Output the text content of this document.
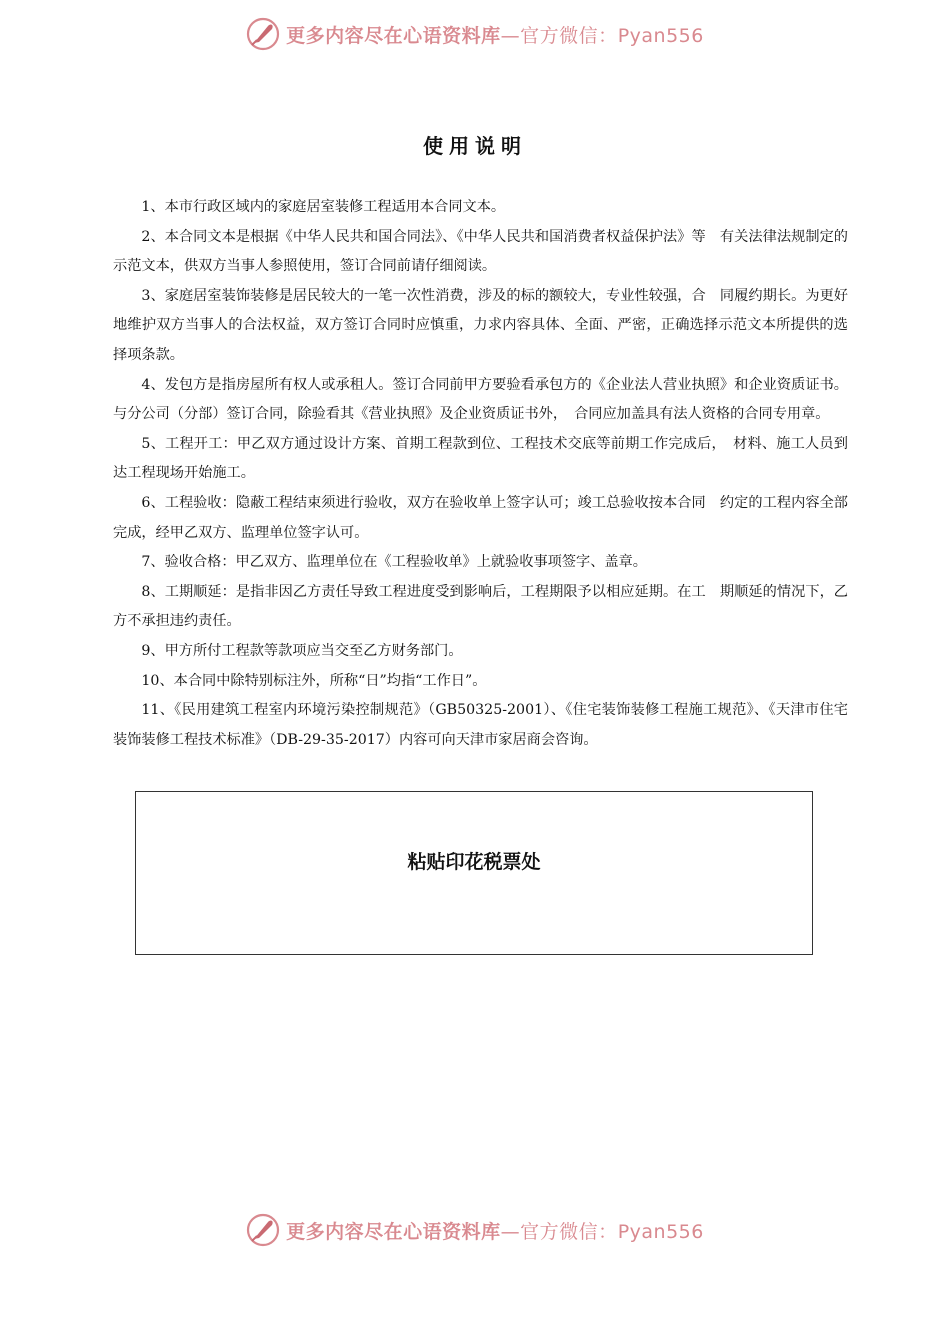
更多内容尽在心语资料库—官方微信：Pyan556
使用说明

1、本市行政区域内的家庭居室装修工程适用本合同文本。

2、本合同文本是根据《中华人民共和国合同法》、《中华人民共和国消费者权益保护法》等　有关法律法规制定的示范文本，供双方当事人参照使用，签订合同前请仔细阅读。

3、家庭居室装饰装修是居民较大的一笔一次性消费，涉及的标的额较大，专业性较强，合　同履约期长。为更好地维护双方当事人的合法权益，双方签订合同时应慎重，力求内容具体、全面、严密，正确选择示范文本所提供的选择项条款。

4、发包方是指房屋所有权人或承租人。签订合同前甲方要验看承包方的《企业法人营业执照》和企业资质证书。与分公司（分部）签订合同，除验看其《营业执照》及企业资质证书外，　合同应加盖具有法人资格的合同专用章。

5、工程开工：甲乙双方通过设计方案、首期工程款到位、工程技术交底等前期工作完成后，　材料、施工人员到达工程现场开始施工。

6、工程验收：隐蔽工程结束须进行验收，双方在验收单上签字认可；竣工总验收按本合同　约定的工程内容全部完成，经甲乙双方、监理单位签字认可。

7、验收合格：甲乙双方、监理单位在《工程验收单》上就验收事项签字、盖章。

8、工期顺延：是指非因乙方责任导致工程进度受到影响后，工程期限予以相应延期。在工　期顺延的情况下，乙方不承担违约责任。

9、甲方所付工程款等款项应当交至乙方财务部门。

10、本合同中除特别标注外，所称“日”均指“工作日”。

11、《民用建筑工程室内环境污染控制规范》（GB50325-2001）、《住宅装饰装修工程施工规范》、《天津市住宅装饰装修工程技术标准》（DB-29-35-2017）内容可向天津市家居商会咨询。

粘贴印花税票处
更多内容尽在心语资料库—官方微信：Pyan556
